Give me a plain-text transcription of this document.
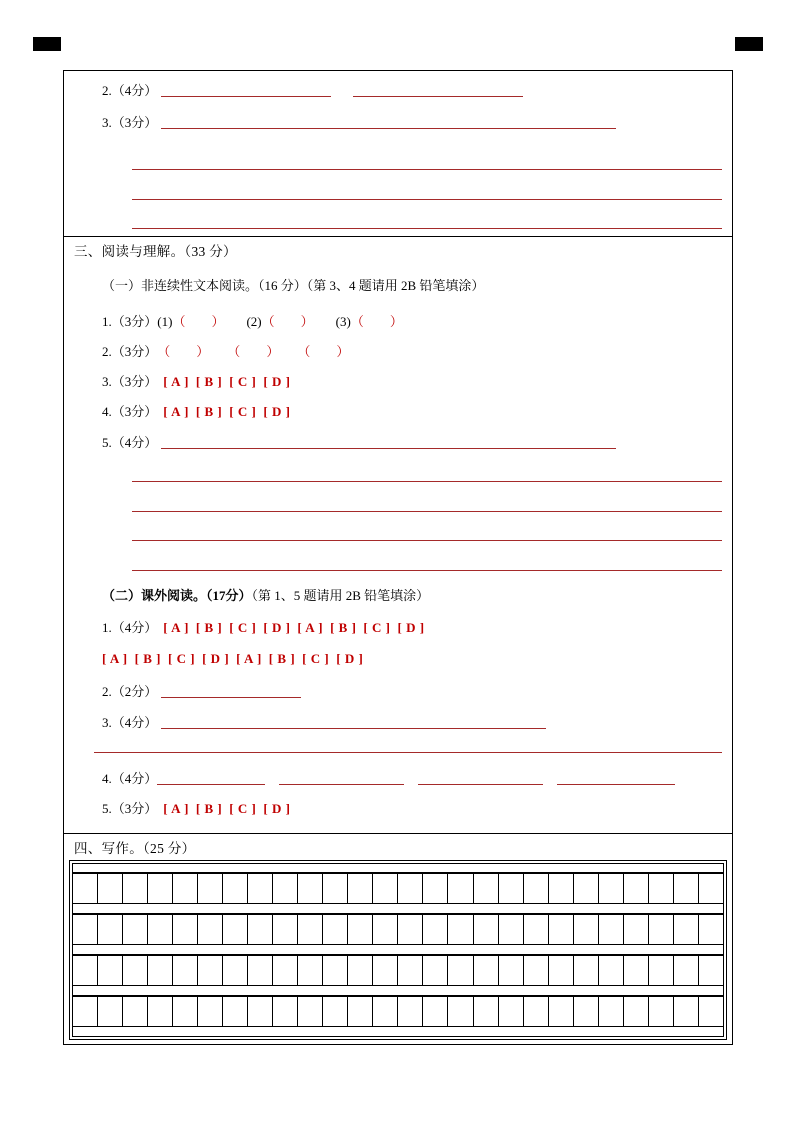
2.（4分）
3.（3分）
三、阅读与理解。（33 分）
（一）非连续性文本阅读。（16 分）（第 3、4 题请用 2B 铅笔填涂）
1.（3分） (1) （ ） (2) （ ） (3) （ ）
2.（3分） （ ） （ ） （ ）
3.（3分） [ A ] [ B ] [ C ] [ D ]
4.（3分） [ A ] [ B ] [ C ] [ D ]
5.（4分）
（二）课外阅读。（17分）（第 1、5 题请用 2B 铅笔填涂）
1.（4分） [ A ] [ B ] [ C ] [ D ] [ A ] [ B ] [ C ] [ D ]
[ A ] [ B ] [ C ] [ D ] [ A ] [ B ] [ C ] [ D ]
2.（2分）
3.（4分）
4.（4分）
5.（3分） [ A ] [ B ] [ C ] [ D ]
四、写作。（25 分）
